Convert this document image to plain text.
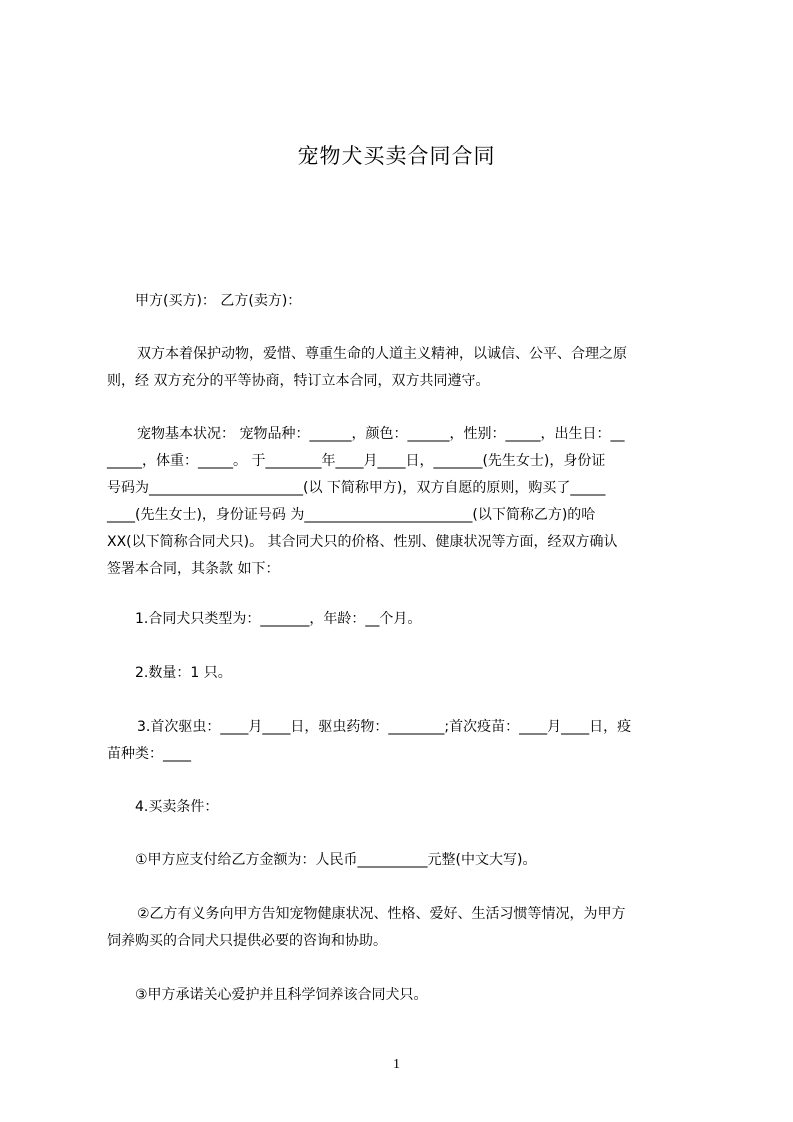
宠物犬买卖合同合同
甲方(买方)： 乙方(卖方)：
双方本着保护动物，爱惜、尊重生命的人道主义精神，以诚信、公平、合理之原
则，经 双方充分的平等协商，特订立本合同，双方共同遵守。
宠物基本状况： 宠物品种：______，颜色：______，性别：_____，出生日：__
_____，体重：_____。 于________年____月____日，_______(先生女士)，身份证
号码为______________________(以 下简称甲方)，双方自愿的原则，购买了_____
____(先生女士)，身份证号码 为________________________(以下简称乙方)的哈
XX(以下简称合同犬只)。 其合同犬只的价格、性别、健康状况等方面，经双方确认
签署本合同，其条款 如下：
1.合同犬只类型为：_______，年龄：__个月。
2.数量：1 只。
3.首次驱虫：____月____日，驱虫药物：________;首次疫苗：____月____日，疫
苗种类：____
4.买卖条件：
①甲方应支付给乙方金额为：人民币__________元整(中文大写)。
②乙方有义务向甲方告知宠物健康状况、性格、爱好、生活习惯等情况，为甲方
饲养购买的合同犬只提供必要的咨询和协助。
③甲方承诺关心爱护并且科学饲养该合同犬只。
1
